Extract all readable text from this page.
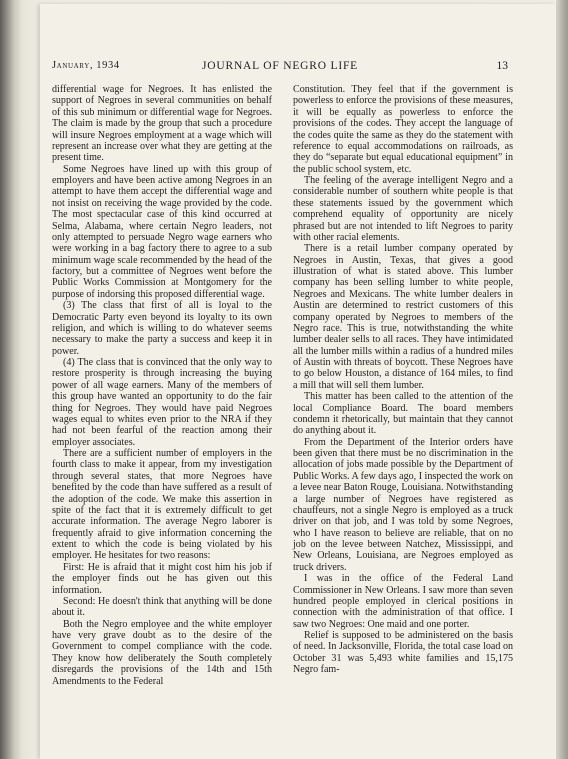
January, 1934	JOURNAL OF NEGRO LIFE	13

differential wage for Negroes. It has enlisted the support of Negroes in several communities on behalf of this sub minimum or differential wage for Negroes. The claim is made by the group that such a procedure will insure Negroes employment at a wage which will represent an increase over what they are getting at the present time.

Some Negroes have lined up with this group of employers and have been active among Negroes in an attempt to have them accept the differential wage and not insist on receiving the wage provided by the code. The most spectacular case of this kind occurred at Selma, Alabama, where certain Negro leaders, not only attempted to persuade Negro wage earners who were working in a bag factory there to agree to a sub minimum wage scale recommended by the head of the factory, but a committee of Negroes went before the Public Works Commission at Montgomery for the purpose of indorsing this proposed differential wage.

(3) The class that first of all is loyal to the Democratic Party even beyond its loyalty to its own religion, and which is willing to do whatever seems necessary to make the party a success and keep it in power.

(4) The class that is convinced that the only way to restore prosperity is through increasing the buying power of all wage earners. Many of the members of this group have wanted an opportunity to do the fair thing for Negroes. They would have paid Negroes wages equal to whites even prior to the NRA if they had not been fearful of the reaction among their employer associates.

There are a sufficient number of employers in the fourth class to make it appear, from my investigation through several states, that more Negroes have benefited by the code than have suffered as a result of the adoption of the code. We make this assertion in spite of the fact that it is extremely difficult to get accurate information. The average Negro laborer is frequently afraid to give information concerning the extent to which the code is being violated by his employer. He hesitates for two reasons:

First: He is afraid that it might cost him his job if the employer finds out he has given out this information.

Second: He doesn't think that anything will be done about it.

Both the Negro employee and the white employer have very grave doubt as to the desire of the Government to compel compliance with the code. They know how deliberately the South completely disregards the provisions of the 14th and 15th Amendments to the Federal

Constitution. They feel that if the government is powerless to enforce the provisions of these measures, it will be equally as powerless to enforce the provisions of the codes. They accept the language of the codes quite the same as they do the statement with reference to equal accommodations on railroads, as they do “separate but equal educational equipment” in the public school system, etc.

The feeling of the average intelligent Negro and a considerable number of southern white people is that these statements issued by the government which comprehend equality of opportunity are nicely phrased but are not intended to lift Negroes to parity with other racial elements.

There is a retail lumber company operated by Negroes in Austin, Texas, that gives a good illustration of what is stated above. This lumber company has been selling lumber to white people, Negroes and Mexicans. The white lumber dealers in Austin are determined to restrict customers of this company operated by Negroes to members of the Negro race. This is true, notwithstanding the white lumber dealer sells to all races. They have intimidated all the lumber mills within a radius of a hundred miles of Austin with threats of boycott. These Negroes have to go below Houston, a distance of 164 miles, to find a mill that will sell them lumber.

This matter has been called to the attention of the local Compliance Board. The board members condemn it rhetorically, but maintain that they cannot do anything about it.

From the Department of the Interior orders have been given that there must be no discrimination in the allocation of jobs made possible by the Department of Public Works. A few days ago, I inspected the work on a levee near Baton Rouge, Louisiana. Notwithstanding a large number of Negroes have registered as chauffeurs, not a single Negro is employed as a truck driver on that job, and I was told by some Negroes, who I have reason to believe are reliable, that on no job on the levee between Natchez, Mississippi, and New Orleans, Louisiana, are Negroes employed as truck drivers.

I was in the office of the Federal Land Commissioner in New Orleans. I saw more than seven hundred people employed in clerical positions in connection with the administration of that office. I saw two Negroes: One maid and one porter.

Relief is supposed to be administered on the basis of need. In Jacksonville, Florida, the total case load on October 31 was 5,493 white families and 15,175 Negro fam-
